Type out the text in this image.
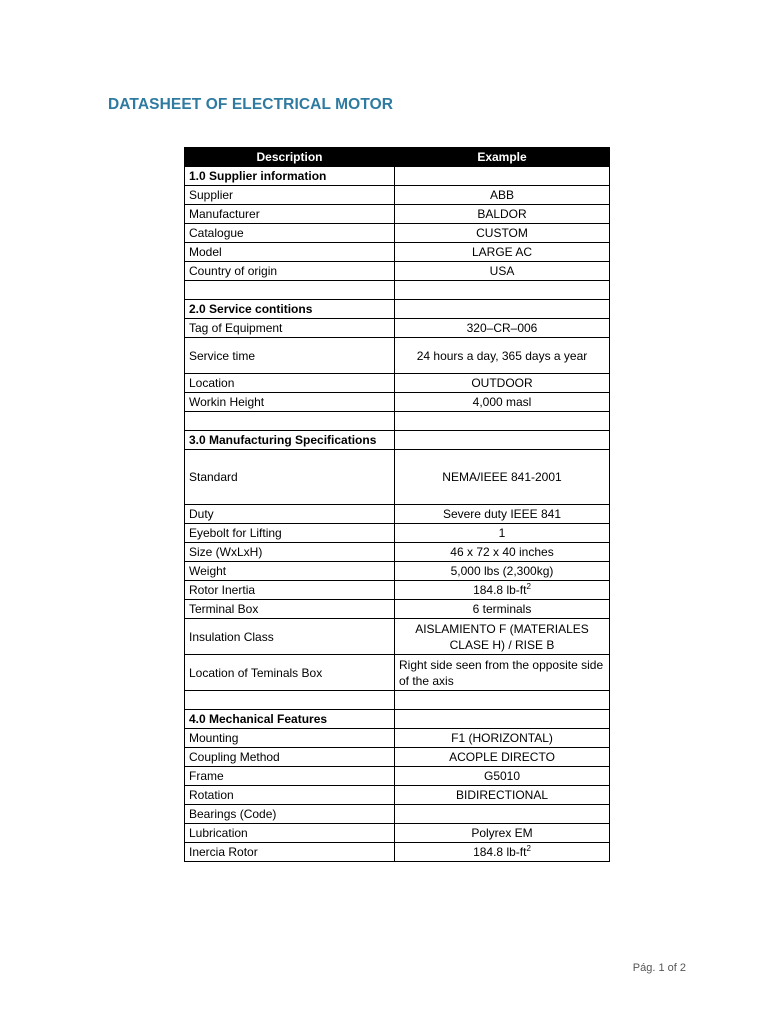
DATASHEET OF ELECTRICAL MOTOR
Description	Example
1.0 Supplier information	
Supplier	ABB
Manufacturer	BALDOR
Catalogue	CUSTOM
Model	LARGE AC
Country of origin	USA

2.0 Service contitions	
Tag of Equipment	320–CR–006
Service time	24 hours a day, 365 days a year
Location	OUTDOOR
Workin Height	4,000 masl

3.0 Manufacturing Specifications	
Standard	NEMA/IEEE 841-2001
Duty	Severe duty IEEE 841
Eyebolt for Lifting	1
Size (WxLxH)	46 x 72 x 40 inches
Weight	5,000 lbs (2,300kg)
Rotor Inertia	184.8 $lb-ft^2$
Terminal Box	6 terminals
Insulation Class	AISLAMIENTO F (MATERIALES CLASE H) / RISE B
Location of Teminals Box	Right side seen from the opposite side of the axis

4.0 Mechanical Features	
Mounting	F1 (HORIZONTAL)
Coupling Method	ACOPLE DIRECTO
Frame	G5010
Rotation	BIDIRECTIONAL
Bearings (Code)	
Lubrication	Polyrex EM
Inercia Rotor	184.8 $lb-ft^2$
Pág. 1 of 2
